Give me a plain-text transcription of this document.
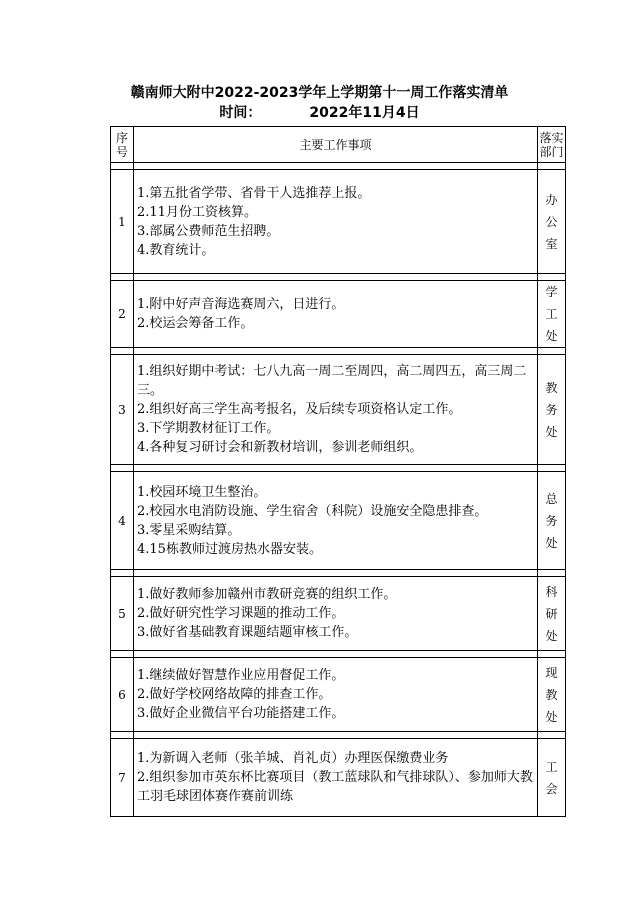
赣南师大附中2022-2023学年上学期第十一周工作落实清单
时间：	2022年11月4日
序号	主要工作事项	落实部门

1	1.第五批省学带、省骨干人选推荐上报。
2.11月份工资核算。
3.部属公费师范生招聘。
4.教育统计。	办公室

2	1.附中好声音海选赛周六，日进行。
2.校运会筹备工作。	学工处

3	1.组织好期中考试：七八九高一周二至周四，高二周四五，高三周二三。
2.组织好高三学生高考报名，及后续专项资格认定工作。
3.下学期教材征订工作。
4.各种复习研讨会和新教材培训，参训老师组织。	教务处

4	1.校园环境卫生整治。
2.校园水电消防设施、学生宿舍（科院）设施安全隐患排查。
3.零星采购结算。
4.15栋教师过渡房热水器安装。	总务处

5	1.做好教师参加赣州市教研竞赛的组织工作。
2.做好研究性学习课题的推动工作。
3.做好省基础教育课题结题审核工作。	科研处

6	1.继续做好智慧作业应用督促工作。
2.做好学校网络故障的排查工作。
3.做好企业微信平台功能搭建工作。	现教处

7	1.为新调入老师（张羊城、肖礼贞）办理医保缴费业务
2.组织参加市英东杯比赛项目（教工蓝球队和气排球队）、参加师大教工羽毛球团体赛作赛前训练	工会
